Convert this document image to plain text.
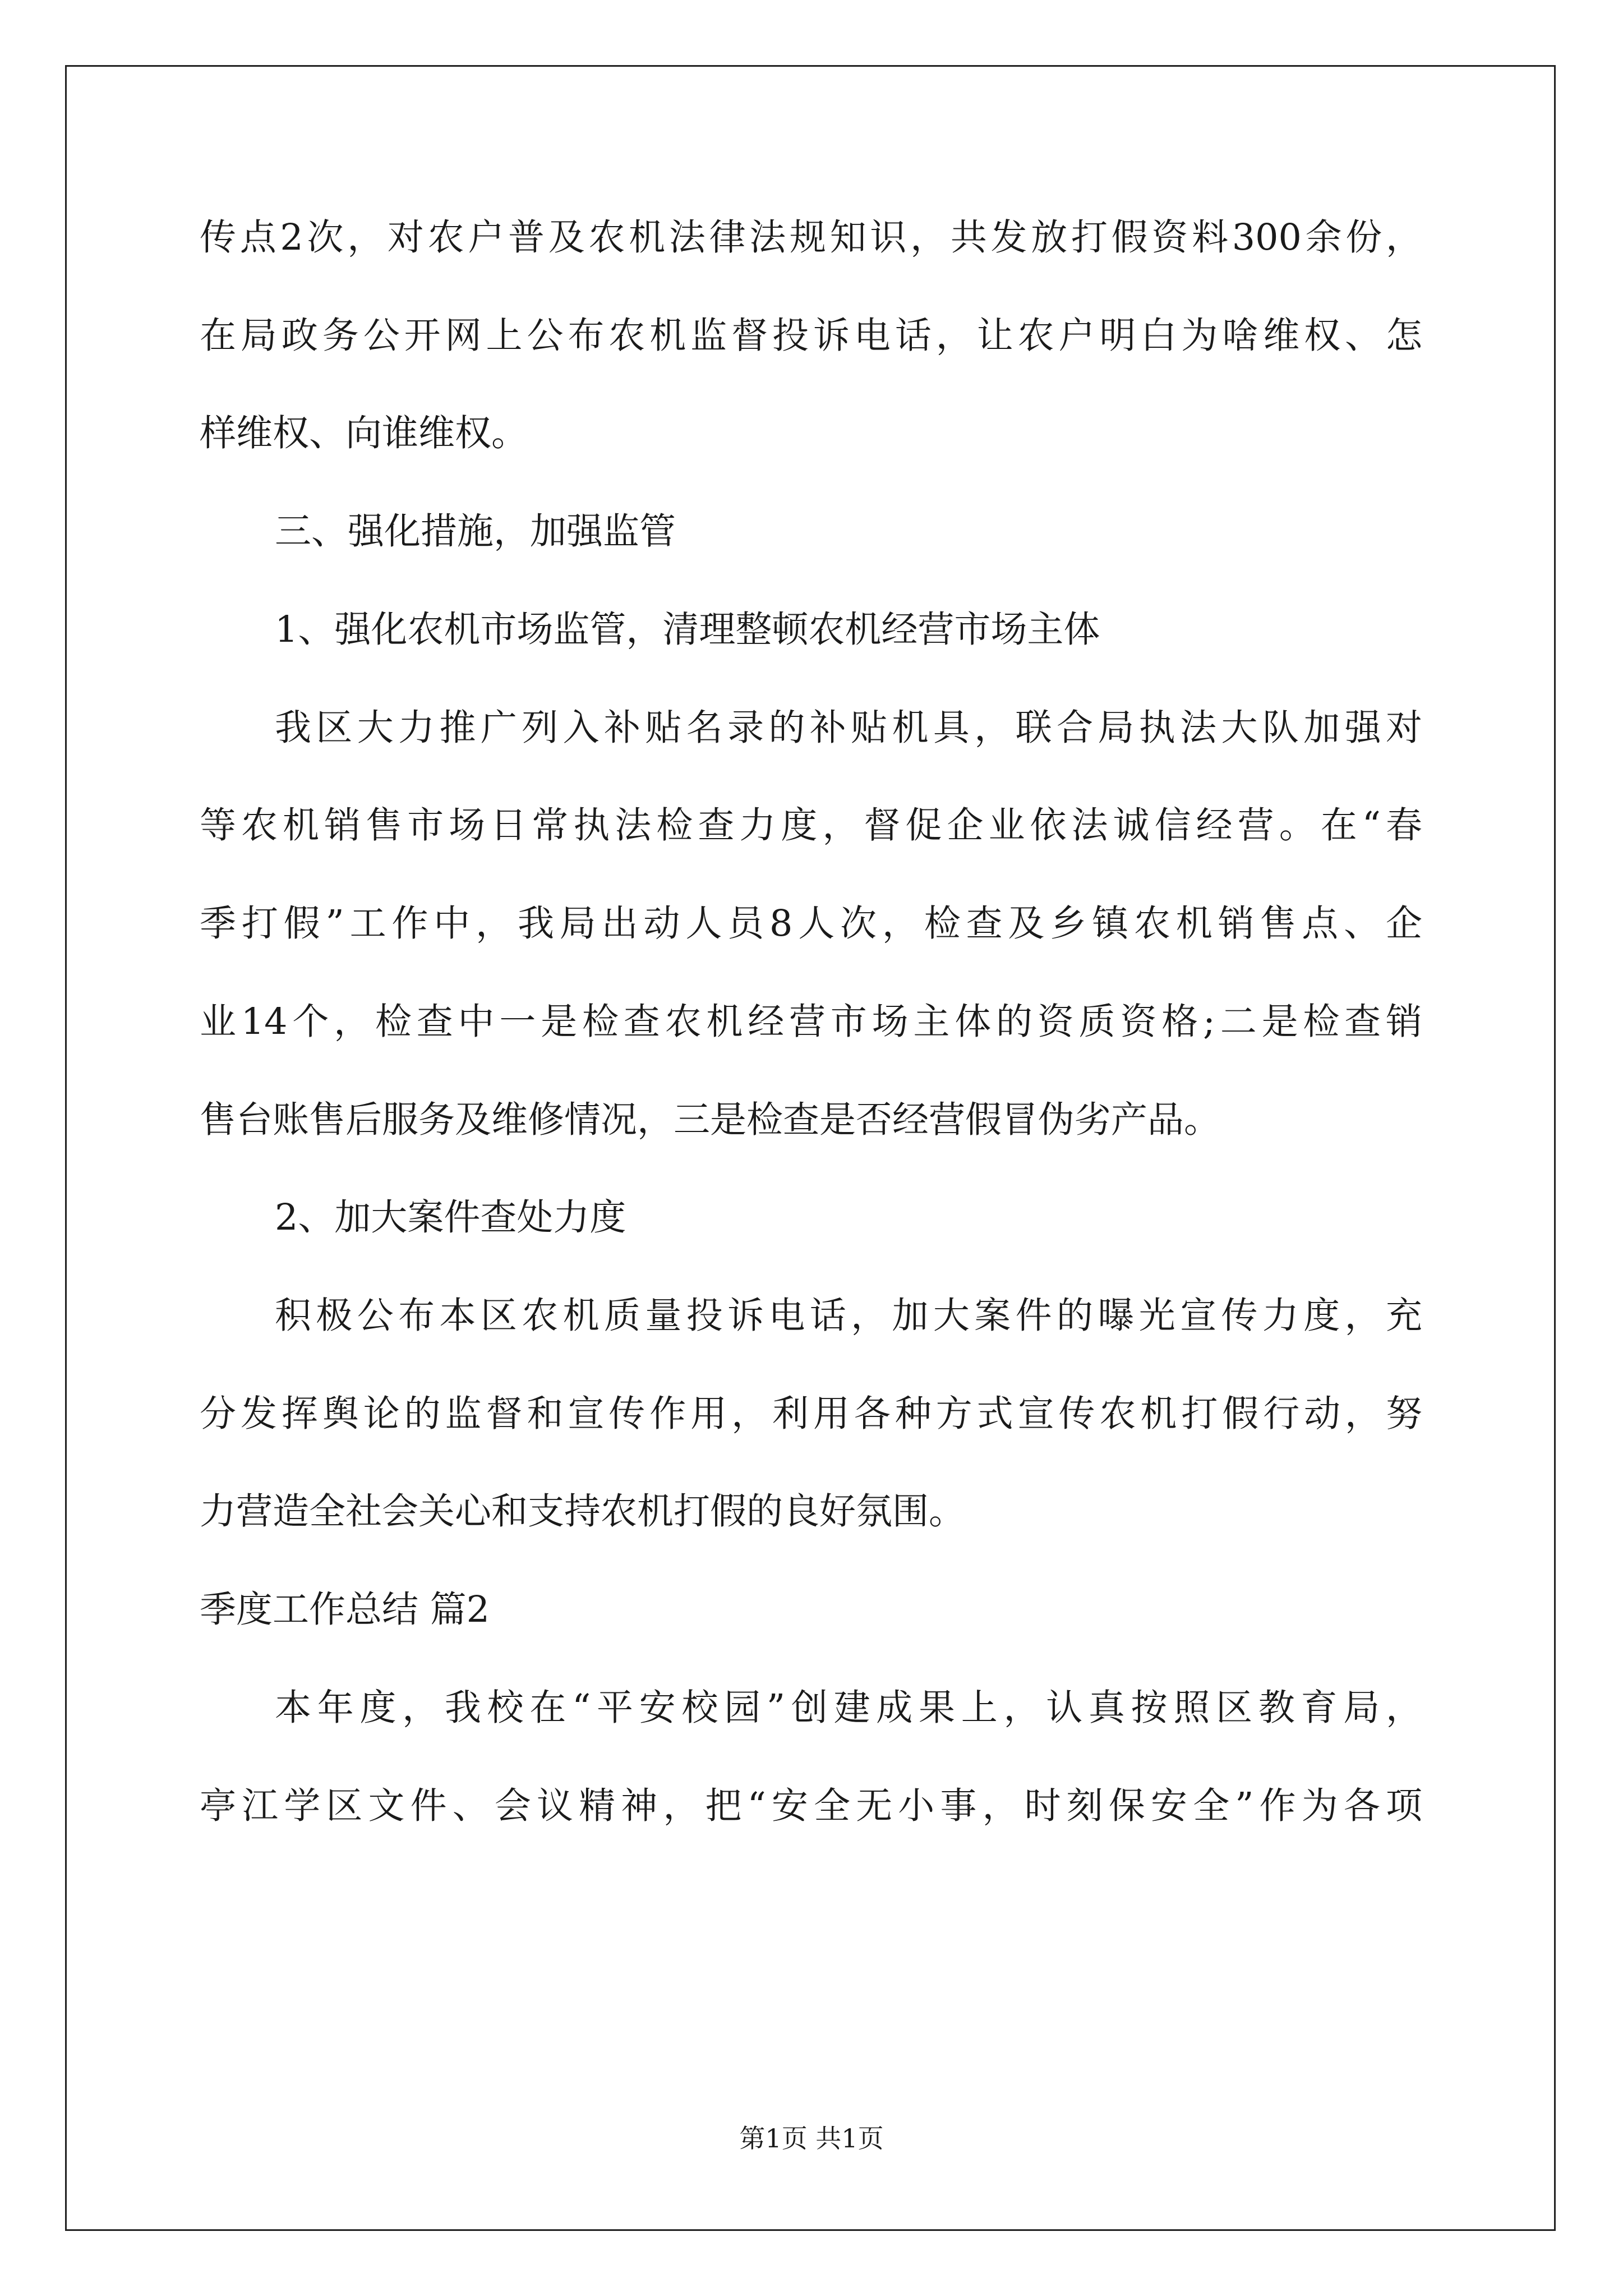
传点2次，对农户普及农机法律法规知识，共发放打假资料300余份，
在局政务公开网上公布农机监督投诉电话，让农户明白为啥维权、怎
样维权、向谁维权。
三、强化措施，加强监管
1、强化农机市场监管，清理整顿农机经营市场主体
我区大力推广列入补贴名录的补贴机具，联合局执法大队加强对
等农机销售市场日常执法检查力度，督促企业依法诚信经营。在“春
季打假”工作中，我局出动人员8人次，检查及乡镇农机销售点、企
业14个，检查中一是检查农机经营市场主体的资质资格;二是检查销
售台账售后服务及维修情况，三是检查是否经营假冒伪劣产品。
2、加大案件查处力度
积极公布本区农机质量投诉电话，加大案件的曝光宣传力度，充
分发挥舆论的监督和宣传作用，利用各种方式宣传农机打假行动，努
力营造全社会关心和支持农机打假的良好氛围。
季度工作总结 篇2
本年度，我校在“平安校园”创建成果上，认真按照区教育局，
亭江学区文件、会议精神，把“安全无小事，时刻保安全”作为各项
第1页 共1页
